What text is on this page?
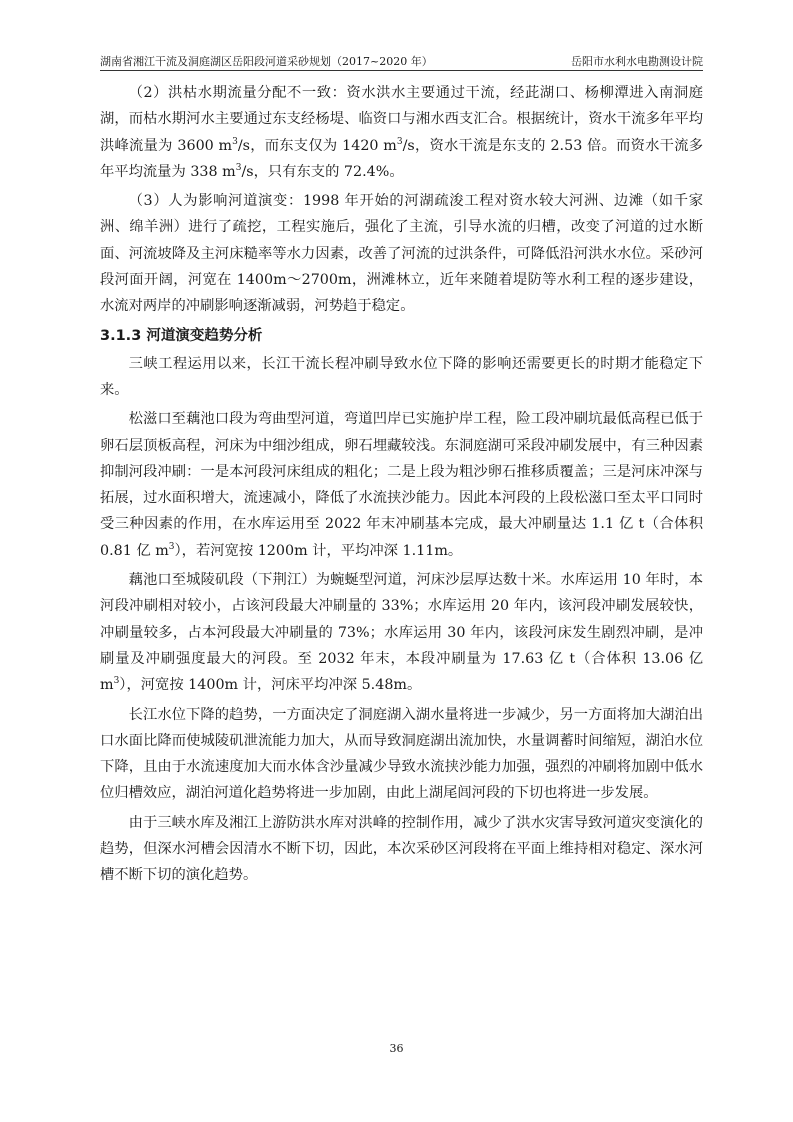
湖南省湘江干流及洞庭湖区岳阳段河道采砂规划（2017~2020 年）	岳阳市水利水电勘测设计院

（2）洪枯水期流量分配不一致：资水洪水主要通过干流，经茈湖口、杨柳潭进入南洞庭湖，而枯水期河水主要通过东支经杨堤、临资口与湘水西支汇合。根据统计，资水干流多年平均洪峰流量为 3600 $m^3/s$，而东支仅为 1420 $m^3/s$，资水干流是东支的 2.53 倍。而资水干流多年平均流量为 338 $m^3/s$，只有东支的 72.4%。

（3）人为影响河道演变：1998 年开始的河湖疏浚工程对资水较大河洲、边滩（如千家洲、绵羊洲）进行了疏挖，工程实施后，强化了主流，引导水流的归槽，改变了河道的过水断面、河流坡降及主河床糙率等水力因素，改善了河流的过洪条件，可降低沿河洪水水位。采砂河段河面开阔，河宽在 1400m～2700m，洲滩林立，近年来随着堤防等水利工程的逐步建设，水流对两岸的冲刷影响逐渐减弱，河势趋于稳定。

3.1.3 河道演变趋势分析

三峡工程运用以来，长江干流长程冲刷导致水位下降的影响还需要更长的时期才能稳定下来。

松滋口至藕池口段为弯曲型河道，弯道凹岸已实施护岸工程，险工段冲刷坑最低高程已低于卵石层顶板高程，河床为中细沙组成，卵石埋藏较浅。东洞庭湖可采段冲刷发展中，有三种因素抑制河段冲刷：一是本河段河床组成的粗化；二是上段为粗沙卵石推移质覆盖；三是河床冲深与拓展，过水面积增大，流速减小，降低了水流挟沙能力。因此本河段的上段松滋口至太平口同时受三种因素的作用，在水库运用至 2022 年末冲刷基本完成，最大冲刷量达 1.1 亿 t（合体积 0.81 亿 $m^3$），若河宽按 1200m 计，平均冲深 1.11m。

藕池口至城陵矶段（下荆江）为蜿蜒型河道，河床沙层厚达数十米。水库运用 10 年时，本河段冲刷相对较小，占该河段最大冲刷量的 33%；水库运用 20 年内，该河段冲刷发展较快，冲刷量较多，占本河段最大冲刷量的 73%；水库运用 30 年内，该段河床发生剧烈冲刷，是冲刷量及冲刷强度最大的河段。至 2032 年末，本段冲刷量为 17.63 亿 t（合体积 13.06 亿 $m^3$），河宽按 1400m 计，河床平均冲深 5.48m。

长江水位下降的趋势，一方面决定了洞庭湖入湖水量将进一步减少，另一方面将加大湖泊出口水面比降而使城陵矶泄流能力加大，从而导致洞庭湖出流加快，水量调蓄时间缩短，湖泊水位下降，且由于水流速度加大而水体含沙量减少导致水流挟沙能力加强，强烈的冲刷将加剧中低水位归槽效应，湖泊河道化趋势将进一步加剧，由此上湖尾闾河段的下切也将进一步发展。

由于三峡水库及湘江上游防洪水库对洪峰的控制作用，减少了洪水灾害导致河道灾变演化的趋势，但深水河槽会因清水不断下切，因此，本次采砂区河段将在平面上维持相对稳定、深水河槽不断下切的演化趋势。

36
